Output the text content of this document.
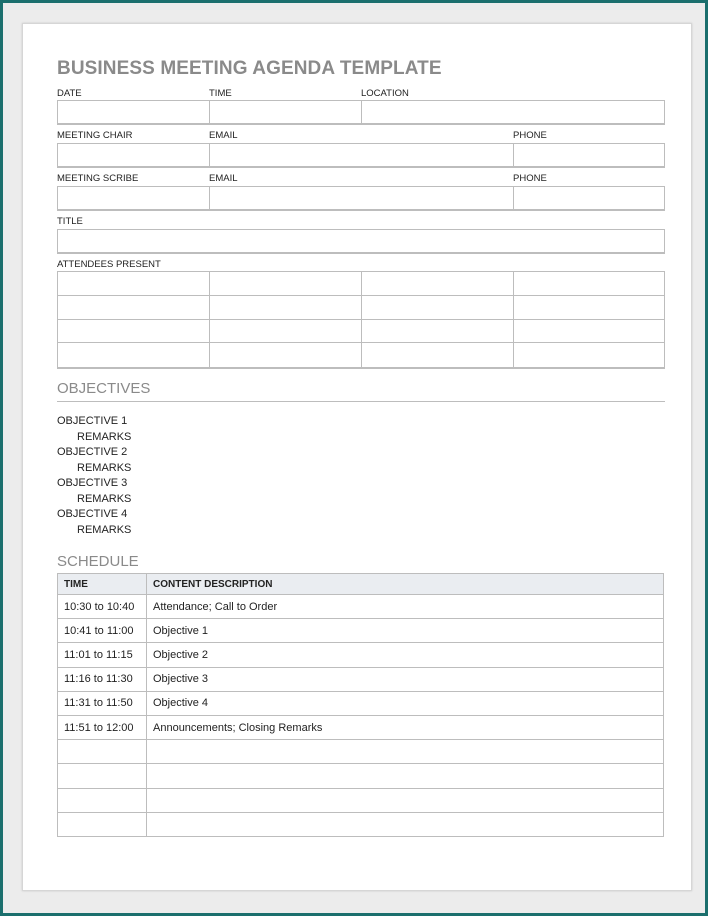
BUSINESS MEETING AGENDA TEMPLATE
DATE	TIME	LOCATION
MEETING CHAIR	EMAIL	PHONE
MEETING SCRIBE	EMAIL	PHONE
TITLE
ATTENDEES PRESENT
OBJECTIVES
OBJECTIVE 1
REMARKS
OBJECTIVE 2
REMARKS
OBJECTIVE 3
REMARKS
OBJECTIVE 4
REMARKS
SCHEDULE
TIME	CONTENT DESCRIPTION
10:30 to 10:40	Attendance; Call to Order
10:41 to 11:00	Objective 1
11:01 to 11:15	Objective 2
11:16 to 11:30	Objective 3
11:31 to 11:50	Objective 4
11:51 to 12:00	Announcements; Closing Remarks
